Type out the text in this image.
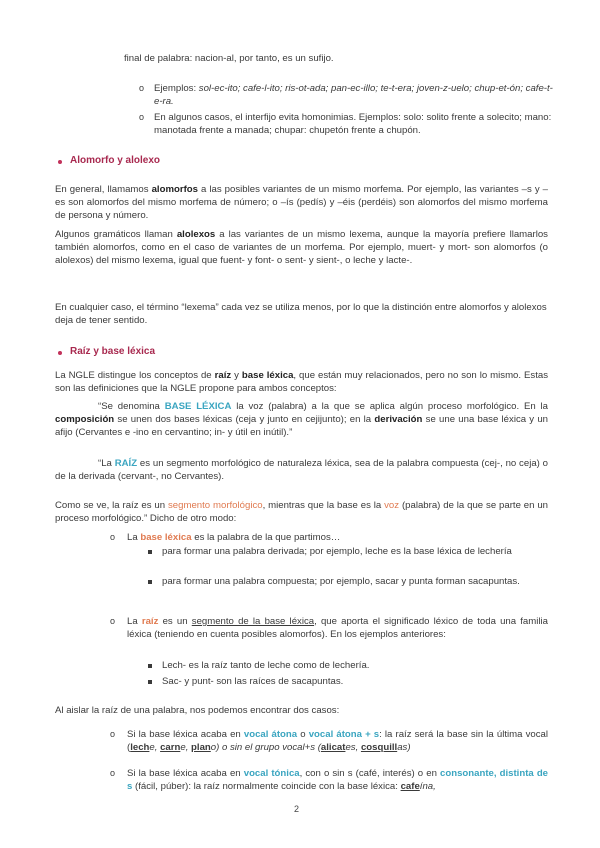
final de palabra: nacion-al, por tanto, es un sufijo.
o Ejemplos: sol-ec-ito; cafe-l-ito; ris-ot-ada; pan-ec-illo; te-t-era; joven-z-uelo; chup-et-ón; cafe-t-e-ra.
o En algunos casos, el interfijo evita homonimias. Ejemplos: solo: solito frente a solecito; mano: manotada frente a manada; chupar: chupetón frente a chupón.
Alomorfo y alolexo
En general, llamamos alomorfos a las posibles variantes de un mismo morfema. Por ejemplo, las variantes –s y –es son alomorfos del mismo morfema de número; o –ís (pedís) y –éis (perdéis) son alomorfos del mismo morfema de persona y número.
Algunos gramáticos llaman alolexos a las variantes de un mismo lexema, aunque la mayoría prefiere llamarlos también alomorfos, como en el caso de variantes de un morfema. Por ejemplo, muert- y mort- son alomorfos (o alolexos) del mismo lexema, igual que fuent- y font- o sent- y sient-, o leche y lacte-.
En cualquier caso, el término “lexema” cada vez se utiliza menos, por lo que la distinción entre alomorfos y alolexos deja de tener sentido.
Raíz y base léxica
La NGLE distingue los conceptos de raíz y base léxica, que están muy relacionados, pero no son lo mismo. Estas son las definiciones que la NGLE propone para ambos conceptos:
“Se denomina BASE LÉXICA la voz (palabra) a la que se aplica algún proceso morfológico. En la composición se unen dos bases léxicas (ceja y junto en cejijunto); en la derivación se une una base léxica y un afijo (Cervantes e -ino en cervantino; in- y útil en inútil).”
“La RAÍZ es un segmento morfológico de naturaleza léxica, sea de la palabra compuesta (cej-, no ceja) o de la derivada (cervant-, no Cervantes).
Como se ve, la raíz es un segmento morfológico, mientras que la base es la voz (palabra) de la que se parte en un proceso morfológico.” Dicho de otro modo:
o La base léxica es la palabra de la que partimos…
para formar una palabra derivada; por ejemplo, leche es la base léxica de lechería
para formar una palabra compuesta; por ejemplo, sacar y punta forman sacapuntas.
o La raíz es un segmento de la base léxica, que aporta el significado léxico de toda una familia léxica (teniendo en cuenta posibles alomorfos). En los ejemplos anteriores:
Lech- es la raíz tanto de leche como de lechería.
Sac- y punt- son las raíces de sacapuntas.
Al aislar la raíz de una palabra, nos podemos encontrar dos casos:
o Si la base léxica acaba en vocal átona o vocal átona + s: la raíz será la base sin la última vocal (leche, carne, plano) o sin el grupo vocal+s (alicates, cosquillas)
o Si la base léxica acaba en vocal tónica, con o sin s (café, interés) o en consonante, distinta de s (fácil, púber): la raíz normalmente coincide con la base léxica: cafeína,
2
